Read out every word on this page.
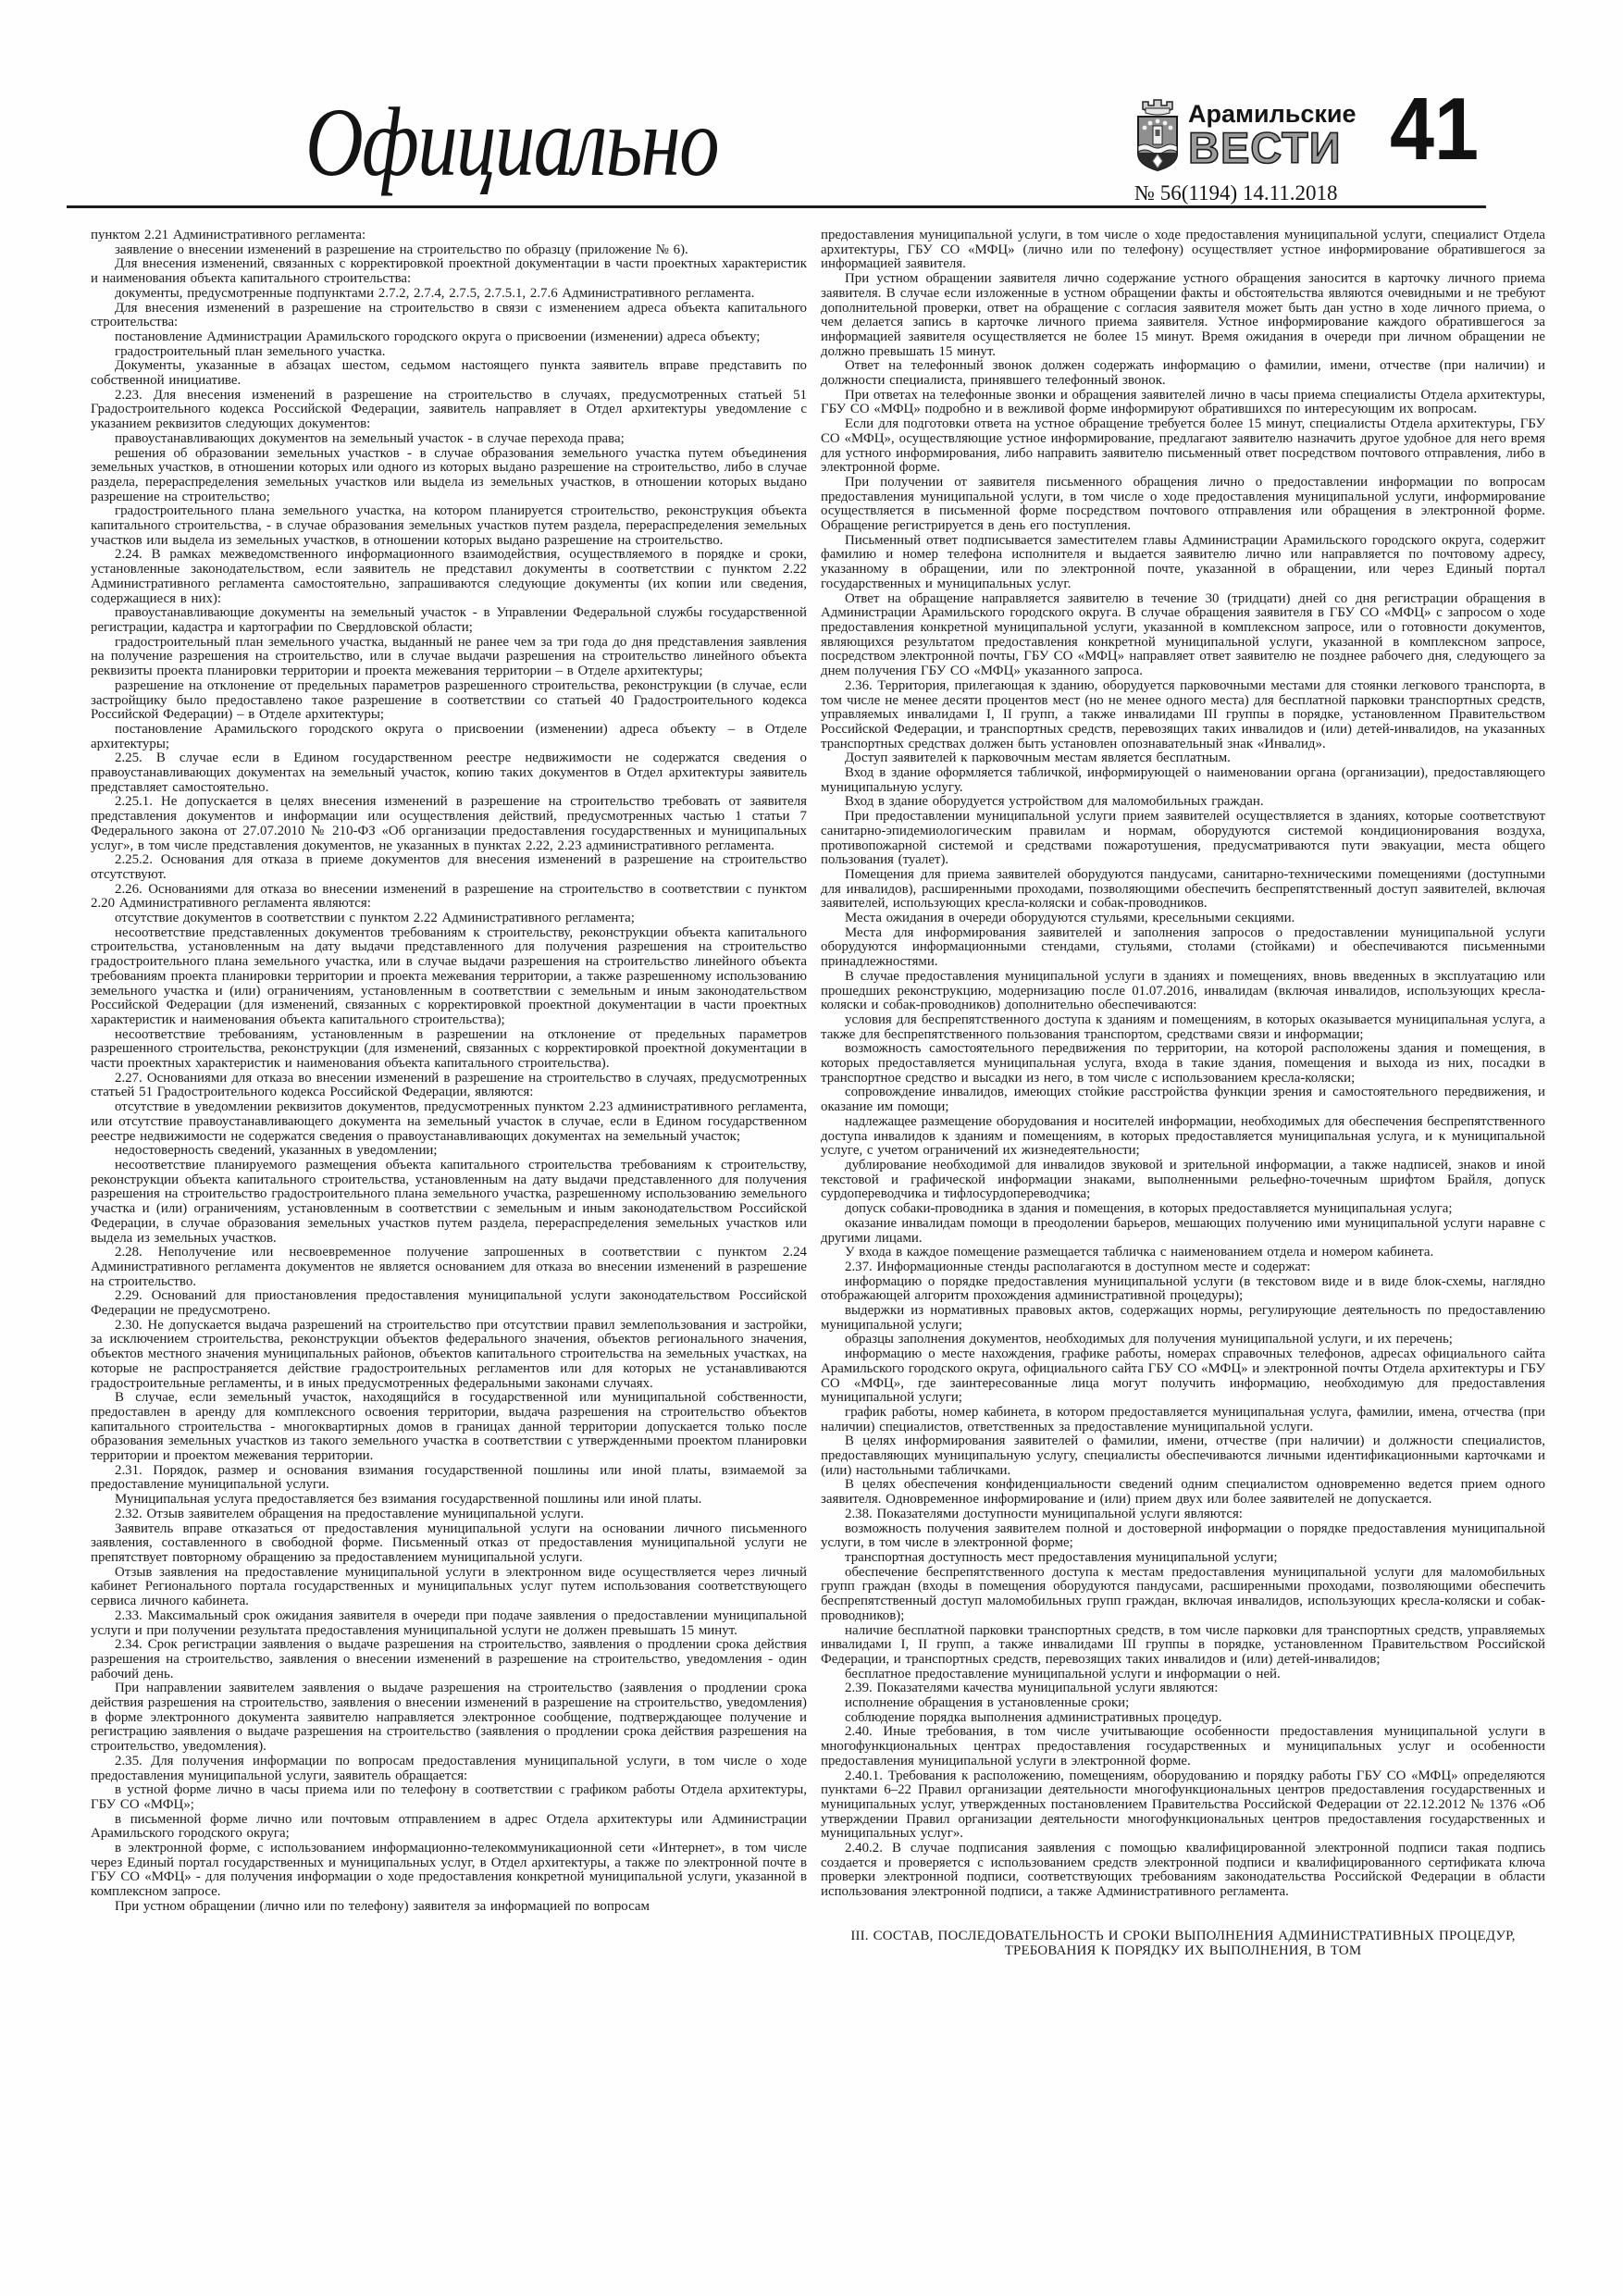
Официально	Арамильские
ВЕСТИ 41
№ 56(1194) 14.11.2018

пунктом 2.21 Административного регламента:

заявление о внесении изменений в разрешение на строительство по образцу (приложение № 6).

Для внесения изменений, связанных с корректировкой проектной документации в части проектных характеристик и наименования объекта капитального строительства:

документы, предусмотренные подпунктами 2.7.2, 2.7.4, 2.7.5, 2.7.5.1, 2.7.6 Административного регламента.

Для внесения изменений в разрешение на строительство в связи с изменением адреса объекта капитального строительства:

постановление Администрации Арамильского городского округа о присвоении (изменении) адреса объекту;

градостроительный план земельного участка.

Документы, указанные в абзацах шестом, седьмом настоящего пункта заявитель вправе представить по собственной инициативе.

2.23. Для внесения изменений в разрешение на строительство в случаях, предусмотренных статьей 51 Градостроительного кодекса Российской Федерации, заявитель направляет в Отдел архитектуры уведомление с указанием реквизитов следующих документов:

правоустанавливающих документов на земельный участок - в случае перехода права;

решения об образовании земельных участков - в случае образования земельного участка путем объединения земельных участков, в отношении которых или одного из которых выдано разрешение на строительство, либо в случае раздела, перераспределения земельных участков или выдела из земельных участков, в отношении которых выдано разрешение на строительство;

градостроительного плана земельного участка, на котором планируется строительство, реконструкция объекта капитального строительства, - в случае образования земельных участков путем раздела, перераспределения земельных участков или выдела из земельных участков, в отношении которых выдано разрешение на строительство.

2.24. В рамках межведомственного информационного взаимодействия, осуществляемого в порядке и сроки, установленные законодательством, если заявитель не представил документы в соответствии с пунктом 2.22 Административного регламента самостоятельно, запрашиваются следующие документы (их копии или сведения, содержащиеся в них):

правоустанавливающие документы на земельный участок - в Управлении Федеральной службы государственной регистрации, кадастра и картографии по Свердловской области;

градостроительный план земельного участка, выданный не ранее чем за три года до дня представления заявления на получение разрешения на строительство, или в случае выдачи разрешения на строительство линейного объекта реквизиты проекта планировки территории и проекта межевания территории – в Отделе архитектуры;

разрешение на отклонение от предельных параметров разрешенного строительства, реконструкции (в случае, если застройщику было предоставлено такое разрешение в соответствии со статьей 40 Градостроительного кодекса Российской Федерации) – в Отделе архитектуры;

постановление Арамильского городского округа о присвоении (изменении) адреса объекту – в Отделе архитектуры;

2.25. В случае если в Едином государственном реестре недвижимости не содержатся сведения о правоустанавливающих документах на земельный участок, копию таких документов в Отдел архитектуры заявитель представляет самостоятельно.

2.25.1. Не допускается в целях внесения изменений в разрешение на строительство требовать от заявителя представления документов и информации или осуществления действий, предусмотренных частью 1 статьи 7 Федерального закона от 27.07.2010 № 210-ФЗ «Об организации предоставления государственных и муниципальных услуг», в том числе представления документов, не указанных в пунктах 2.22, 2.23 административного регламента.

2.25.2. Основания для отказа в приеме документов для внесения изменений в разрешение на строительство отсутствуют.

2.26. Основаниями для отказа во внесении изменений в разрешение на строительство в соответствии с пунктом 2.20 Административного регламента являются:

отсутствие документов в соответствии с пунктом 2.22 Административного регламента;

несоответствие представленных документов требованиям к строительству, реконструкции объекта капитального строительства, установленным на дату выдачи представленного для получения разрешения на строительство градостроительного плана земельного участка, или в случае выдачи разрешения на строительство линейного объекта требованиям проекта планировки территории и проекта межевания территории, а также разрешенному использованию земельного участка и (или) ограничениям, установленным в соответствии с земельным и иным законодательством Российской Федерации (для изменений, связанных с корректировкой проектной документации в части проектных характеристик и наименования объекта капитального строительства);

несоответствие требованиям, установленным в разрешении на отклонение от предельных параметров разрешенного строительства, реконструкции (для изменений, связанных с корректировкой проектной документации в части проектных характеристик и наименования объекта капитального строительства).

2.27. Основаниями для отказа во внесении изменений в разрешение на строительство в случаях, предусмотренных статьей 51 Градостроительного кодекса Российской Федерации, являются:

отсутствие в уведомлении реквизитов документов, предусмотренных пунктом 2.23 административного регламента, или отсутствие правоустанавливающего документа на земельный участок в случае, если в Едином государственном реестре недвижимости не содержатся сведения о правоустанавливающих документах на земельный участок;

недостоверность сведений, указанных в уведомлении;

несоответствие планируемого размещения объекта капитального строительства требованиям к строительству, реконструкции объекта капитального строительства, установленным на дату выдачи представленного для получения разрешения на строительство градостроительного плана земельного участка, разрешенному использованию земельного участка и (или) ограничениям, установленным в соответствии с земельным и иным законодательством Российской Федерации, в случае образования земельных участков путем раздела, перераспределения земельных участков или выдела из земельных участков.

2.28. Неполучение или несвоевременное получение запрошенных в соответствии с пунктом 2.24 Административного регламента документов не является основанием для отказа во внесении изменений в разрешение на строительство.

2.29. Оснований для приостановления предоставления муниципальной услуги законодательством Российской Федерации не предусмотрено.

2.30. Не допускается выдача разрешений на строительство при отсутствии правил землепользования и застройки, за исключением строительства, реконструкции объектов федерального значения, объектов регионального значения, объектов местного значения муниципальных районов, объектов капитального строительства на земельных участках, на которые не распространяется действие градостроительных регламентов или для которых не устанавливаются градостроительные регламенты, и в иных предусмотренных федеральными законами случаях.

В случае, если земельный участок, находящийся в государственной или муниципальной собственности, предоставлен в аренду для комплексного освоения территории, выдача разрешения на строительство объектов капитального строительства - многоквартирных домов в границах данной территории допускается только после образования земельных участков из такого земельного участка в соответствии с утвержденными проектом планировки территории и проектом межевания территории.

2.31. Порядок, размер и основания взимания государственной пошлины или иной платы, взимаемой за предоставление муниципальной услуги.

Муниципальная услуга предоставляется без взимания государственной пошлины или иной платы.

2.32. Отзыв заявителем обращения на предоставление муниципальной услуги.

Заявитель вправе отказаться от предоставления муниципальной услуги на основании личного письменного заявления, составленного в свободной форме. Письменный отказ от предоставления муниципальной услуги не препятствует повторному обращению за предоставлением муниципальной услуги.

Отзыв заявления на предоставление муниципальной услуги в электронном виде осуществляется через личный кабинет Регионального портала государственных и муниципальных услуг путем использования соответствующего сервиса личного кабинета.

2.33. Максимальный срок ожидания заявителя в очереди при подаче заявления о предоставлении муниципальной услуги и при получении результата предоставления муниципальной услуги не должен превышать 15 минут.

2.34. Срок регистрации заявления о выдаче разрешения на строительство, заявления о продлении срока действия разрешения на строительство, заявления о внесении изменений в разрешение на строительство, уведомления - один рабочий день.

При направлении заявителем заявления о выдаче разрешения на строительство (заявления о продлении срока действия разрешения на строительство, заявления о внесении изменений в разрешение на строительство, уведомления) в форме электронного документа заявителю направляется электронное сообщение, подтверждающее получение и регистрацию заявления о выдаче разрешения на строительство (заявления о продлении срока действия разрешения на строительство, уведомления).

2.35. Для получения информации по вопросам предоставления муниципальной услуги, в том числе о ходе предоставления муниципальной услуги, заявитель обращается:

в устной форме лично в часы приема или по телефону в соответствии с графиком работы Отдела архитектуры, ГБУ СО «МФЦ»;

в письменной форме лично или почтовым отправлением в адрес Отдела архитектуры или Администрации Арамильского городского округа;

в электронной форме, с использованием информационно-телекоммуникационной сети «Интернет», в том числе через Единый портал государственных и муниципальных услуг, в Отдел архитектуры, а также по электронной почте в ГБУ СО «МФЦ» - для получения информации о ходе предоставления конкретной муниципальной услуги, указанной в комплексном запросе.

При устном обращении (лично или по телефону) заявителя за информацией по вопросам

предоставления муниципальной услуги, в том числе о ходе предоставления муниципальной услуги, специалист Отдела архитектуры, ГБУ СО «МФЦ» (лично или по телефону) осуществляет устное информирование обратившегося за информацией заявителя.

При устном обращении заявителя лично содержание устного обращения заносится в карточку личного приема заявителя. В случае если изложенные в устном обращении факты и обстоятельства являются очевидными и не требуют дополнительной проверки, ответ на обращение с согласия заявителя может быть дан устно в ходе личного приема, о чем делается запись в карточке личного приема заявителя. Устное информирование каждого обратившегося за информацией заявителя осуществляется не более 15 минут. Время ожидания в очереди при личном обращении не должно превышать 15 минут.

Ответ на телефонный звонок должен содержать информацию о фамилии, имени, отчестве (при наличии) и должности специалиста, принявшего телефонный звонок.

При ответах на телефонные звонки и обращения заявителей лично в часы приема специалисты Отдела архитектуры, ГБУ СО «МФЦ» подробно и в вежливой форме информируют обратившихся по интересующим их вопросам.

Если для подготовки ответа на устное обращение требуется более 15 минут, специалисты Отдела архитектуры, ГБУ СО «МФЦ», осуществляющие устное информирование, предлагают заявителю назначить другое удобное для него время для устного информирования, либо направить заявителю письменный ответ посредством почтового отправления, либо в электронной форме.

При получении от заявителя письменного обращения лично о предоставлении информации по вопросам предоставления муниципальной услуги, в том числе о ходе предоставления муниципальной услуги, информирование осуществляется в письменной форме посредством почтового отправления или обращения в электронной форме. Обращение регистрируется в день его поступления.

Письменный ответ подписывается заместителем главы Администрации Арамильского городского округа, содержит фамилию и номер телефона исполнителя и выдается заявителю лично или направляется по почтовому адресу, указанному в обращении, или по электронной почте, указанной в обращении, или через Единый портал государственных и муниципальных услуг.

Ответ на обращение направляется заявителю в течение 30 (тридцати) дней со дня регистрации обращения в Администрации Арамильского городского округа. В случае обращения заявителя в ГБУ СО «МФЦ» с запросом о ходе предоставления конкретной муниципальной услуги, указанной в комплексном запросе, или о готовности документов, являющихся результатом предоставления конкретной муниципальной услуги, указанной в комплексном запросе, посредством электронной почты, ГБУ СО «МФЦ» направляет ответ заявителю не позднее рабочего дня, следующего за днем получения ГБУ СО «МФЦ» указанного запроса.

2.36. Территория, прилегающая к зданию, оборудуется парковочными местами для стоянки легкового транспорта, в том числе не менее десяти процентов мест (но не менее одного места) для бесплатной парковки транспортных средств, управляемых инвалидами I, II групп, а также инвалидами III группы в порядке, установленном Правительством Российской Федерации, и транспортных средств, перевозящих таких инвалидов и (или) детей-инвалидов, на указанных транспортных средствах должен быть установлен опознавательный знак «Инвалид».

Доступ заявителей к парковочным местам является бесплатным.

Вход в здание оформляется табличкой, информирующей о наименовании органа (организации), предоставляющего муниципальную услугу.

Вход в здание оборудуется устройством для маломобильных граждан.

При предоставлении муниципальной услуги прием заявителей осуществляется в зданиях, которые соответствуют санитарно-эпидемиологическим правилам и нормам, оборудуются системой кондиционирования воздуха, противопожарной системой и средствами пожаротушения, предусматриваются пути эвакуации, места общего пользования (туалет).

Помещения для приема заявителей оборудуются пандусами, санитарно-техническими помещениями (доступными для инвалидов), расширенными проходами, позволяющими обеспечить беспрепятственный доступ заявителей, включая заявителей, использующих кресла-коляски и собак-проводников.

Места ожидания в очереди оборудуются стульями, кресельными секциями.

Места для информирования заявителей и заполнения запросов о предоставлении муниципальной услуги оборудуются информационными стендами, стульями, столами (стойками) и обеспечиваются письменными принадлежностями.

В случае предоставления муниципальной услуги в зданиях и помещениях, вновь введенных в эксплуатацию или прошедших реконструкцию, модернизацию после 01.07.2016, инвалидам (включая инвалидов, использующих кресла-коляски и собак-проводников) дополнительно обеспечиваются:

условия для беспрепятственного доступа к зданиям и помещениям, в которых оказывается муниципальная услуга, а также для беспрепятственного пользования транспортом, средствами связи и информации;

возможность самостоятельного передвижения по территории, на которой расположены здания и помещения, в которых предоставляется муниципальная услуга, входа в такие здания, помещения и выхода из них, посадки в транспортное средство и высадки из него, в том числе с использованием кресла-коляски;

сопровождение инвалидов, имеющих стойкие расстройства функции зрения и самостоятельного передвижения, и оказание им помощи;

надлежащее размещение оборудования и носителей информации, необходимых для обеспечения беспрепятственного доступа инвалидов к зданиям и помещениям, в которых предоставляется муниципальная услуга, и к муниципальной услуге, с учетом ограничений их жизнедеятельности;

дублирование необходимой для инвалидов звуковой и зрительной информации, а также надписей, знаков и иной текстовой и графической информации знаками, выполненными рельефно-точечным шрифтом Брайля, допуск сурдопереводчика и тифлосурдопереводчика;

допуск собаки-проводника в здания и помещения, в которых предоставляется муниципальная услуга;

оказание инвалидам помощи в преодолении барьеров, мешающих получению ими муниципальной услуги наравне с другими лицами.

У входа в каждое помещение размещается табличка с наименованием отдела и номером кабинета.

2.37. Информационные стенды располагаются в доступном месте и содержат:

информацию о порядке предоставления муниципальной услуги (в текстовом виде и в виде блок-схемы, наглядно отображающей алгоритм прохождения административной процедуры);

выдержки из нормативных правовых актов, содержащих нормы, регулирующие деятельность по предоставлению муниципальной услуги;

образцы заполнения документов, необходимых для получения муниципальной услуги, и их перечень;

информацию о месте нахождения, графике работы, номерах справочных телефонов, адресах официального сайта Арамильского городского округа, официального сайта ГБУ СО «МФЦ» и электронной почты Отдела архитектуры и ГБУ СО «МФЦ», где заинтересованные лица могут получить информацию, необходимую для предоставления муниципальной услуги;

график работы, номер кабинета, в котором предоставляется муниципальная услуга, фамилии, имена, отчества (при наличии) специалистов, ответственных за предоставление муниципальной услуги.

В целях информирования заявителей о фамилии, имени, отчестве (при наличии) и должности специалистов, предоставляющих муниципальную услугу, специалисты обеспечиваются личными идентификационными карточками и (или) настольными табличками.

В целях обеспечения конфиденциальности сведений одним специалистом одновременно ведется прием одного заявителя. Одновременное информирование и (или) прием двух или более заявителей не допускается.

2.38. Показателями доступности муниципальной услуги являются:

возможность получения заявителем полной и достоверной информации о порядке предоставления муниципальной услуги, в том числе в электронной форме;

транспортная доступность мест предоставления муниципальной услуги;

обеспечение беспрепятственного доступа к местам предоставления муниципальной услуги для маломобильных групп граждан (входы в помещения оборудуются пандусами, расширенными проходами, позволяющими обеспечить беспрепятственный доступ маломобильных групп граждан, включая инвалидов, использующих кресла-коляски и собак-проводников);

наличие бесплатной парковки транспортных средств, в том числе парковки для транспортных средств, управляемых инвалидами I, II групп, а также инвалидами III группы в порядке, установленном Правительством Российской Федерации, и транспортных средств, перевозящих таких инвалидов и (или) детей-инвалидов;

бесплатное предоставление муниципальной услуги и информации о ней.

2.39. Показателями качества муниципальной услуги являются:

исполнение обращения в установленные сроки;

соблюдение порядка выполнения административных процедур.

2.40. Иные требования, в том числе учитывающие особенности предоставления муниципальной услуги в многофункциональных центрах предоставления государственных и муниципальных услуг и особенности предоставления муниципальной услуги в электронной форме.

2.40.1. Требования к расположению, помещениям, оборудованию и порядку работы ГБУ СО «МФЦ» определяются пунктами 6–22 Правил организации деятельности многофункциональных центров предоставления государственных и муниципальных услуг, утвержденных постановлением Правительства Российской Федерации от 22.12.2012 № 1376 «Об утверждении Правил организации деятельности многофункциональных центров предоставления государственных и муниципальных услуг».

2.40.2. В случае подписания заявления с помощью квалифицированной электронной подписи такая подпись создается и проверяется с использованием средств электронной подписи и квалифицированного сертификата ключа проверки электронной подписи, соответствующих требованиям законодательства Российской Федерации в области использования электронной подписи, а также Административного регламента.

III. СОСТАВ, ПОСЛЕДОВАТЕЛЬНОСТЬ И СРОКИ ВЫПОЛНЕНИЯ АДМИНИСТРАТИВНЫХ ПРОЦЕДУР, ТРЕБОВАНИЯ К ПОРЯДКУ ИХ ВЫПОЛНЕНИЯ, В ТОМ
